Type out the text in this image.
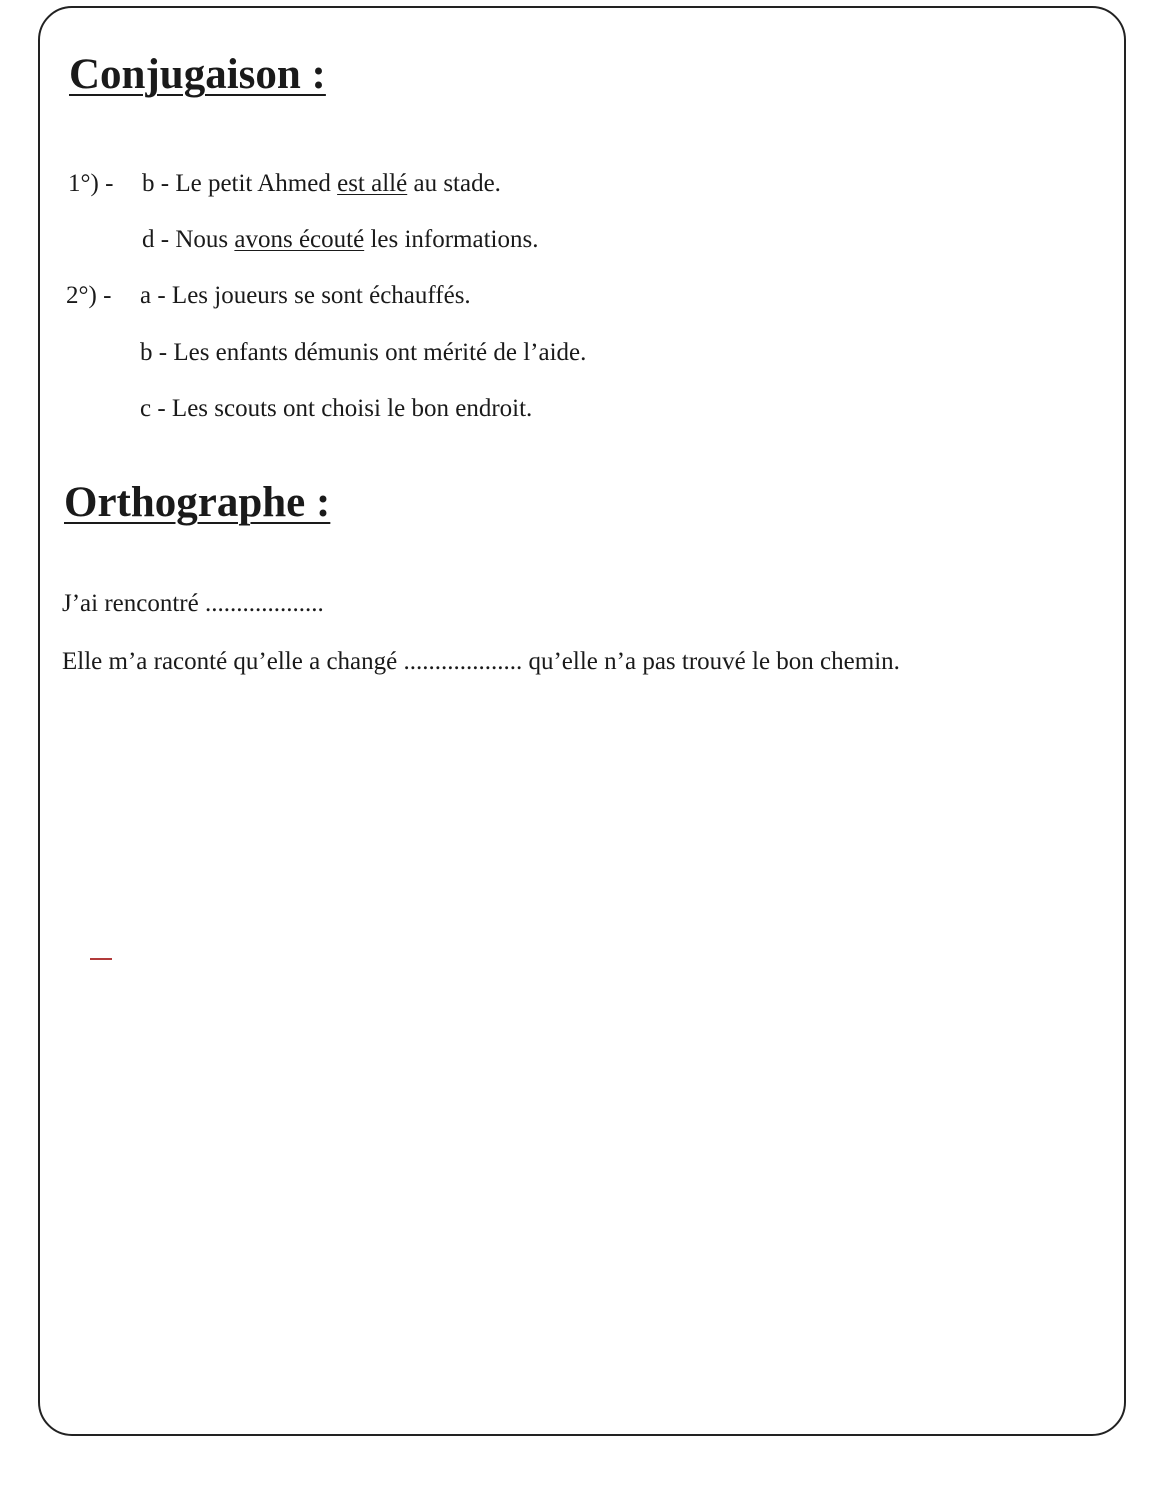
Conjugaison :
1°) - b - Le petit Ahmed est allé au stade.
d - Nous avons écouté les informations.
2°) - a - Les joueurs se sont échauffés.
b - Les enfants démunis ont mérité de l’aide.
c - Les scouts ont choisi le bon endroit.
Orthographe :
J’ai rencontré ...................
Elle m’a raconté qu’elle a changé ................... qu’elle n’a pas trouvé le bon chemin.
